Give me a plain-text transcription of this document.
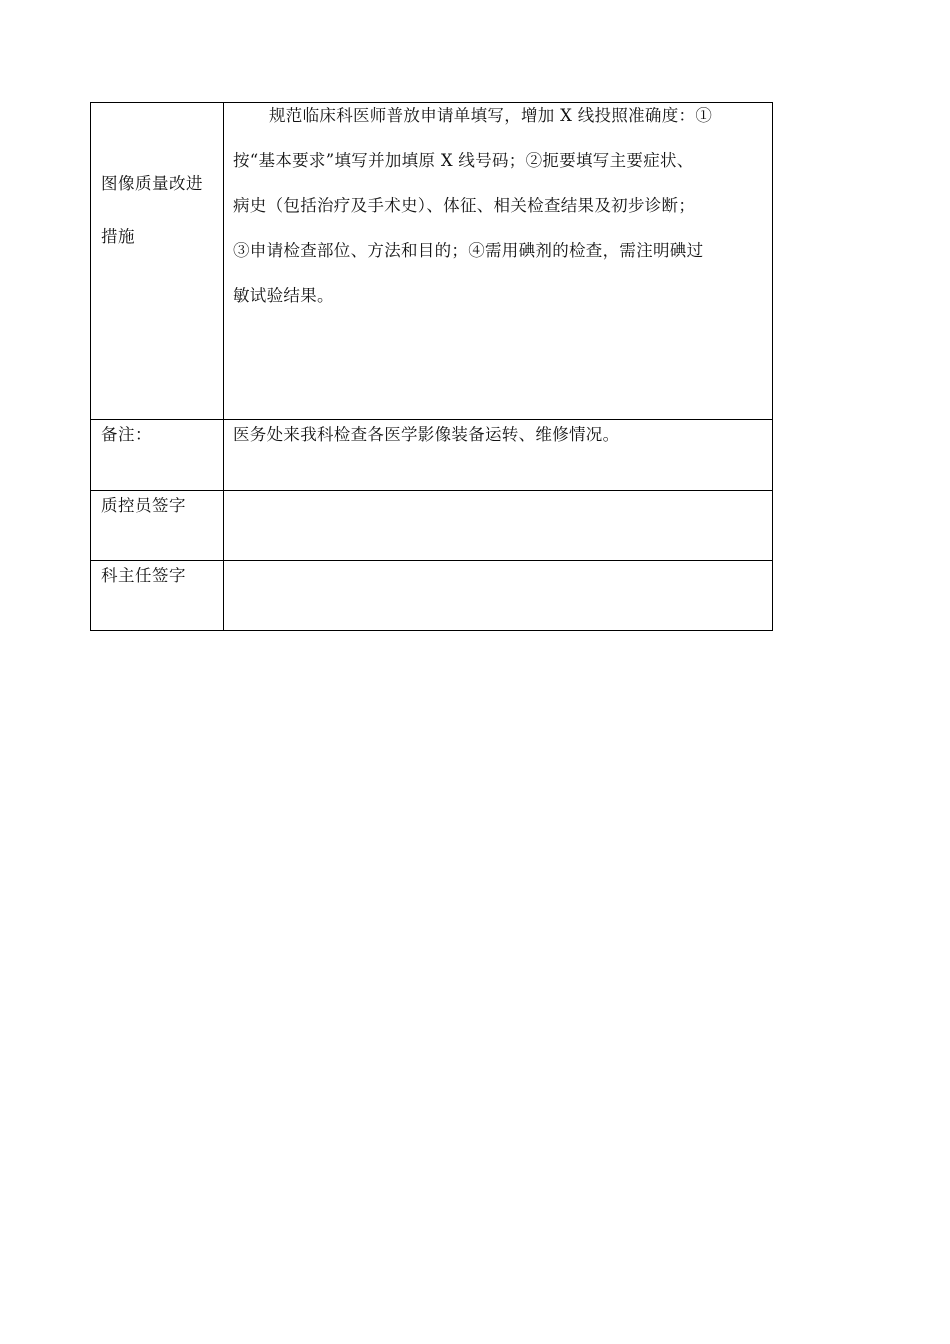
图像质量改进
措施	规范临床科医师普放申请单填写，增加 X 线投照准确度：①
按“基本要求”填写并加填原 X 线号码；②扼要填写主要症状、
病史（包括治疗及手术史）、体征、相关检查结果及初步诊断；
③申请检查部位、方法和目的；④需用碘剂的检查，需注明碘过
敏试验结果。

备注：	医务处来我科检查各医学影像装备运转、维修情况。
质控员签字	
科主任签字	
